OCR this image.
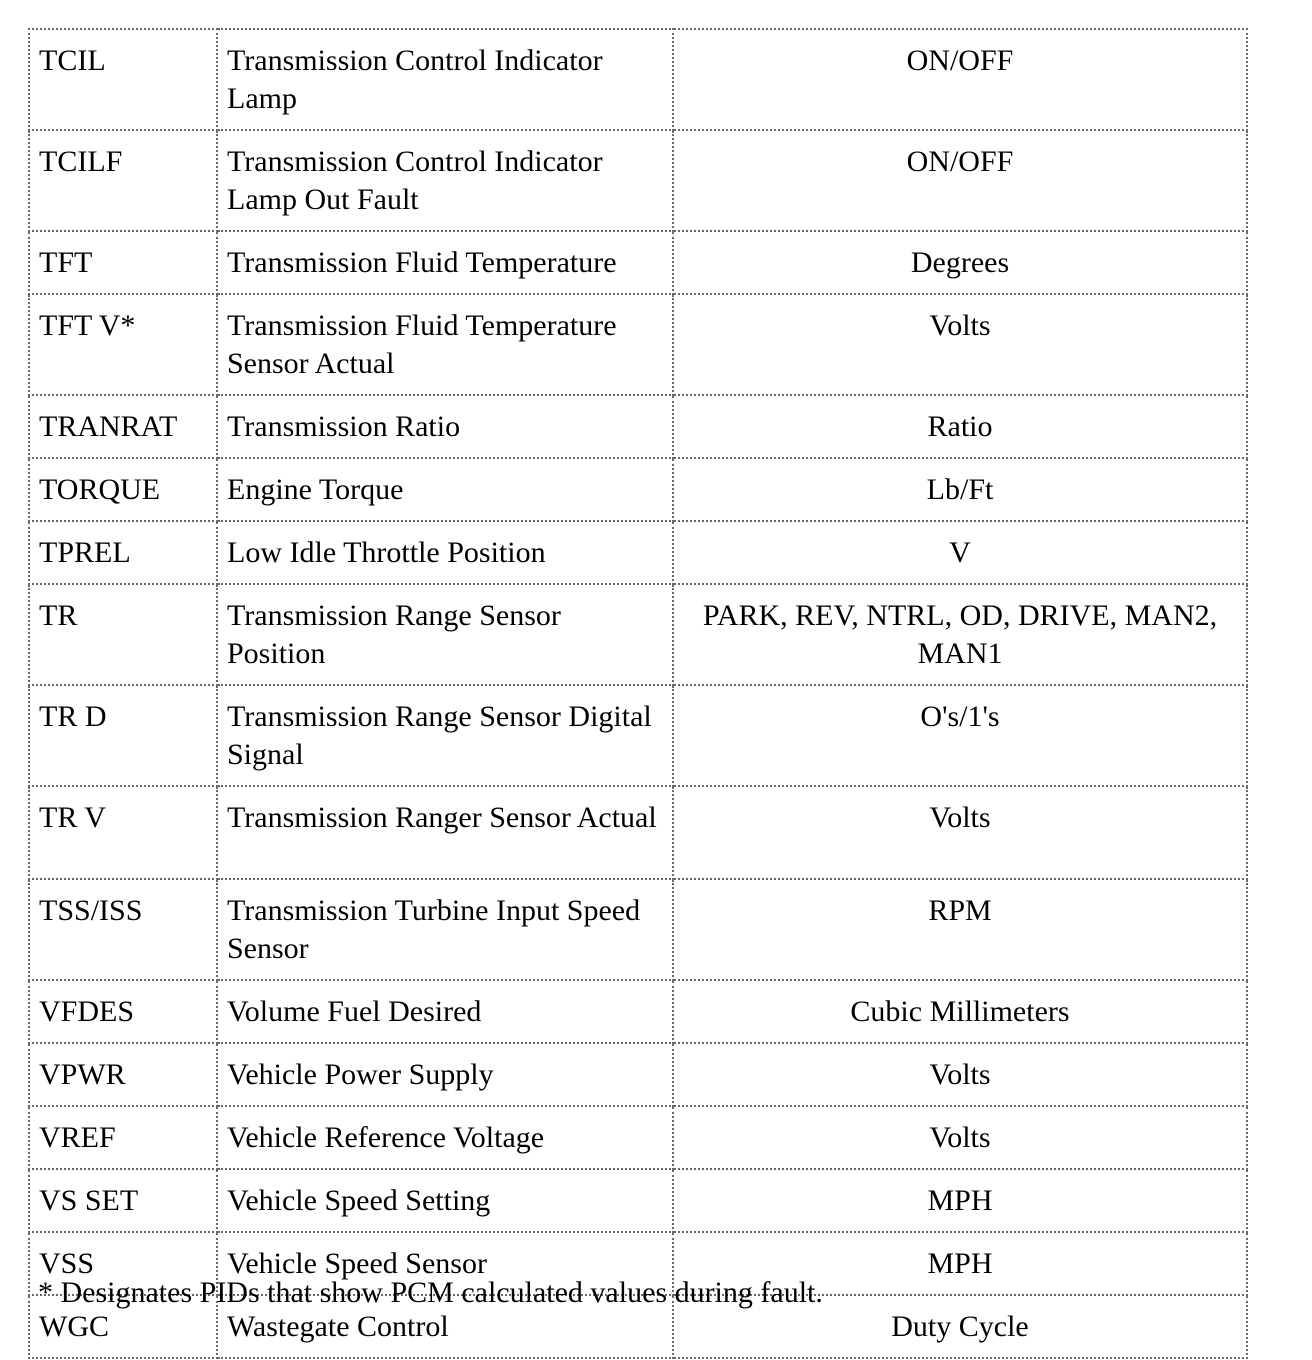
TCIL	Transmission Control Indicator Lamp	ON/OFF
TCILF	Transmission Control Indicator Lamp Out Fault	ON/OFF
TFT	Transmission Fluid Temperature	Degrees
TFT V*	Transmission Fluid Temperature Sensor Actual	Volts
TRANRAT	Transmission Ratio	Ratio
TORQUE	Engine Torque	Lb/Ft
TPREL	Low Idle Throttle Position	V
TR	Transmission Range Sensor Position	PARK, REV, NTRL, OD, DRIVE, MAN2, MAN1
TR D	Transmission Range Sensor Digital Signal	O's/1's
TR V	Transmission Ranger Sensor Actual	Volts
TSS/ISS	Transmission Turbine Input Speed Sensor	RPM
VFDES	Volume Fuel Desired	Cubic Millimeters
VPWR	Vehicle Power Supply	Volts
VREF	Vehicle Reference Voltage	Volts
VS SET	Vehicle Speed Setting	MPH
VSS	Vehicle Speed Sensor	MPH
WGC	Wastegate Control	Duty Cycle

* Designates PIDs that show PCM calculated values during fault.
